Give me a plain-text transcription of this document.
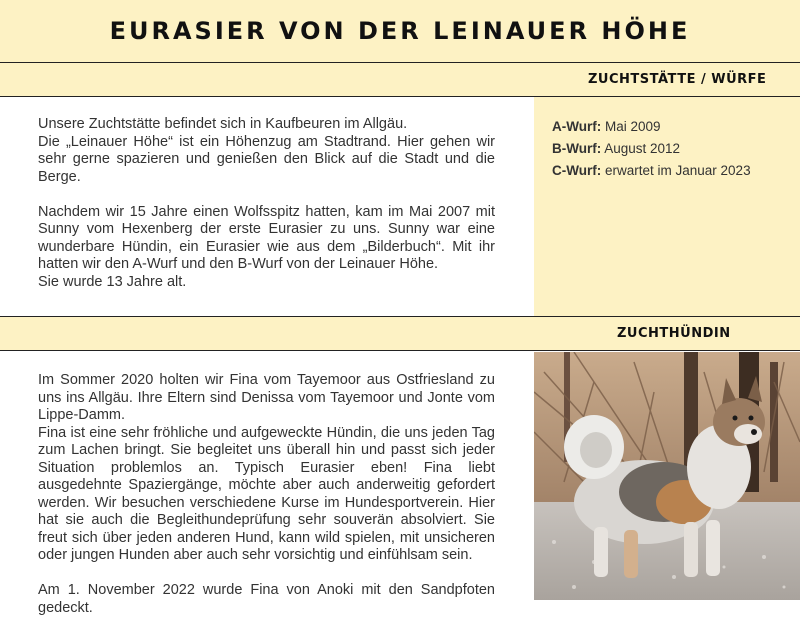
EURASIER VON DER LEINAUER HÖHE
ZUCHTSTÄTTE / WÜRFE

Unsere Zuchtstätte befindet sich in Kaufbeuren im Allgäu.

Die „Leinauer Höhe“ ist ein Höhenzug am Stadtrand. Hier gehen wir sehr gerne spazieren und genießen den Blick auf die Stadt und die Berge.

Nachdem wir 15 Jahre einen Wolfsspitz hatten, kam im Mai 2007 mit Sunny vom Hexenberg der erste Eurasier zu uns. Sunny war eine wunderbare Hündin, ein Eurasier wie aus dem „Bilderbuch“. Mit ihr hatten wir den A-Wurf und den B-Wurf von der Leinauer Höhe.

Sie wurde 13 Jahre alt.

A-Wurf: Mai 2009
B-Wurf: August 2012
C-Wurf: erwartet im Januar 2023
ZUCHTHÜNDIN

Im Sommer 2020 holten wir Fina vom Tayemoor aus Ostfriesland zu uns ins Allgäu. Ihre Eltern sind Denissa vom Tayemoor und Jonte vom Lippe-Damm.

Fina ist eine sehr fröhliche und aufgeweckte Hündin, die uns jeden Tag zum Lachen bringt. Sie begleitet uns überall hin und passt sich jeder Situation problemlos an. Typisch Eurasier eben! Fina liebt ausgedehnte Spaziergänge, möchte aber auch anderweitig gefordert werden. Wir besuchen verschiedene Kurse im Hundesportverein. Hier hat sie auch die Begleithundeprüfung sehr souverän absolviert. Sie freut sich über jeden anderen Hund, kann wild spielen, mit unsicheren oder jungen Hunden aber auch sehr vorsichtig und einfühlsam sein.

Am 1. November 2022 wurde Fina von Anoki mit den Sandpfoten gedeckt.
